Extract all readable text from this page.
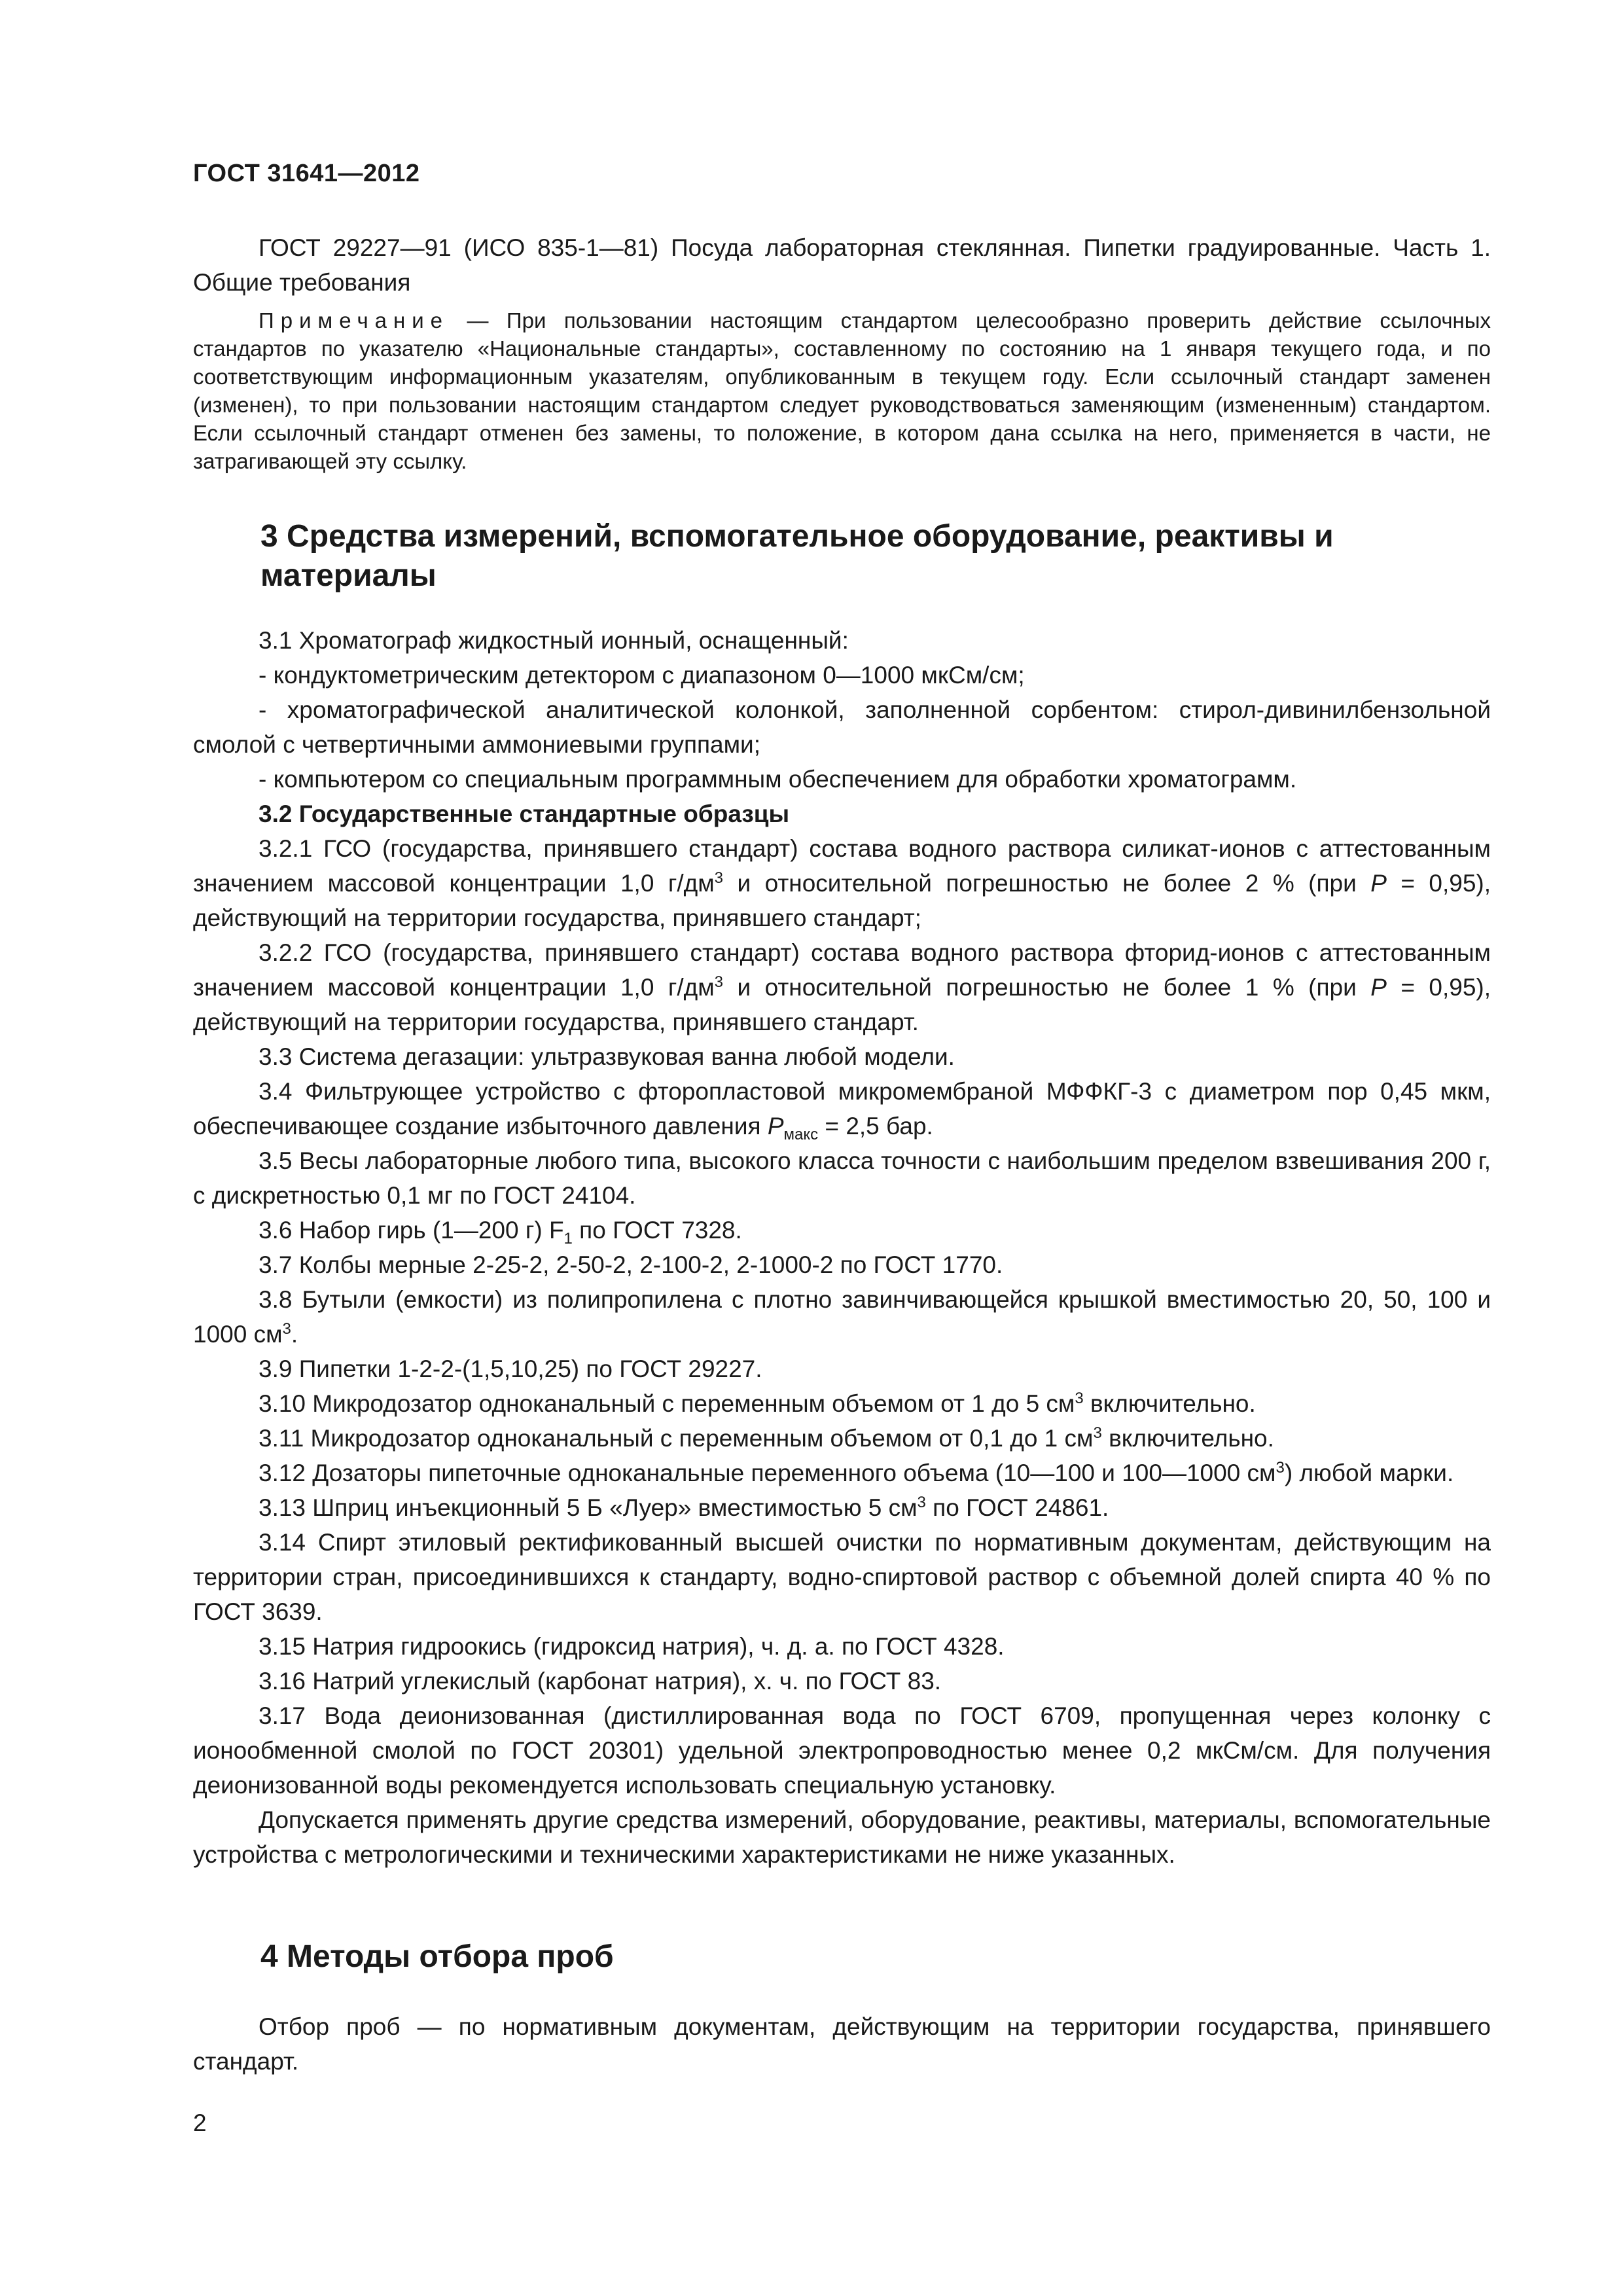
ГОСТ 31641—2012

ГОСТ 29227—91 (ИСО 835-1—81) Посуда лабораторная стеклянная. Пипетки градуированные. Часть 1. Общие требования

Примечание — При пользовании настоящим стандартом целесообразно проверить действие ссылочных стандартов по указателю «Национальные стандарты», составленному по состоянию на 1 января текущего года, и по соответствующим информационным указателям, опубликованным в текущем году. Если ссылочный стандарт заменен (изменен), то при пользовании настоящим стандартом следует руководствоваться заменяющим (измененным) стандартом. Если ссылочный стандарт отменен без замены, то положение, в котором дана ссылка на него, применяется в части, не затрагивающей эту ссылку.

3 Средства измерений, вспомогательное оборудование, реактивы и материалы

3.1 Хроматограф жидкостный ионный, оснащенный:

- кондуктометрическим детектором с диапазоном 0—1000 мкСм/см;

- хроматографической аналитической колонкой, заполненной сорбентом: стирол-дивинилбензольной смолой с четвертичными аммониевыми группами;

- компьютером со специальным программным обеспечением для обработки хроматограмм.

3.2 Государственные стандартные образцы

3.2.1 ГСО (государства, принявшего стандарт) состава водного раствора силикат-ионов с аттестованным значением массовой концентрации 1,0 $г/дм^3$ и относительной погрешностью не более 2 % (при P = 0,95), действующий на территории государства, принявшего стандарт;

3.2.2 ГСО (государства, принявшего стандарт) состава водного раствора фторид-ионов с аттестованным значением массовой концентрации 1,0 $г/дм^3$ и относительной погрешностью не более 1 % (при P = 0,95), действующий на территории государства, принявшего стандарт.

3.3 Система дегазации: ультразвуковая ванна любой модели.

3.4 Фильтрующее устройство с фторопластовой микромембраной МФФКГ-3 с диаметром пор 0,45 мкм, обеспечивающее создание избыточного давления $P_{макс} = 2,5$ бар.

3.5 Весы лабораторные любого типа, высокого класса точности с наибольшим пределом взвешивания 200 г, с дискретностью 0,1 мг по ГОСТ 24104.

3.6 Набор гирь (1—200 г) $F_1$ по ГОСТ 7328.

3.7 Колбы мерные 2-25-2, 2-50-2, 2-100-2, 2-1000-2 по ГОСТ 1770.

3.8 Бутыли (емкости) из полипропилена с плотно завинчивающейся крышкой вместимостью 20, 50, 100 и 1000 $см^3$.

3.9 Пипетки 1-2-2-(1,5,10,25) по ГОСТ 29227.

3.10 Микродозатор одноканальный с переменным объемом от 1 до 5 $см^3$ включительно.

3.11 Микродозатор одноканальный с переменным объемом от 0,1 до 1 $см^3$ включительно.

3.12 Дозаторы пипеточные одноканальные переменного объема (10—100 и 100—1000 $см^3$) любой марки.

3.13 Шприц инъекционный 5 Б «Луер» вместимостью 5 $см^3$ по ГОСТ 24861.

3.14 Спирт этиловый ректификованный высшей очистки по нормативным документам, действующим на территории стран, присоединившихся к стандарту, водно-спиртовой раствор с объемной долей спирта 40 % по ГОСТ 3639.

3.15 Натрия гидроокись (гидроксид натрия), ч. д. а. по ГОСТ 4328.

3.16 Натрий углекислый (карбонат натрия), х. ч. по ГОСТ 83.

3.17 Вода деионизованная (дистиллированная вода по ГОСТ 6709, пропущенная через колонку с ионообменной смолой по ГОСТ 20301) удельной электропроводностью менее 0,2 мкСм/см. Для получения деионизованной воды рекомендуется использовать специальную установку.

Допускается применять другие средства измерений, оборудование, реактивы, материалы, вспомогательные устройства с метрологическими и техническими характеристиками не ниже указанных.

4 Методы отбора проб

Отбор проб — по нормативным документам, действующим на территории государства, принявшего стандарт.

2
